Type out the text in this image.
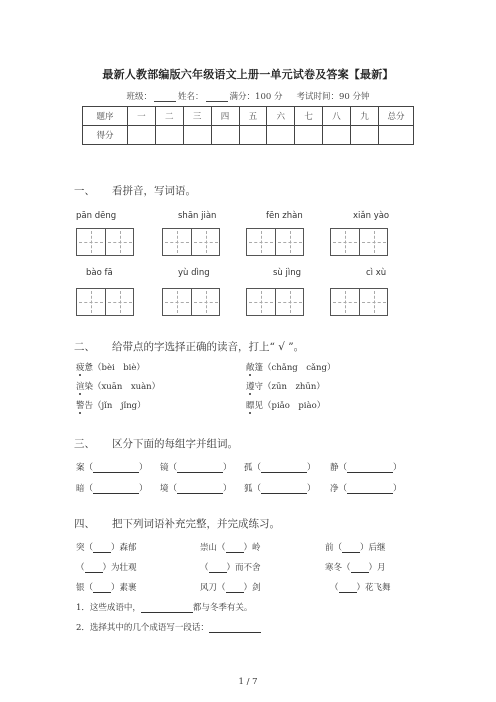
最新人教部编版六年级语文上册一单元试卷及答案【最新】
班级：	姓名：	满分：100 分 考试时间：90 分钟
题序	一	二	三	四	五	六	七	八	九	总分
得分										
一、 看拼音，写词语。
pān dēng	shān jiàn	fēn zhàn	xiǎn yào
bào fā	yù dìng	sù jìng	cì xù
二、 给带点的字选择正确的读音，打上“ √ ”。
疲惫（bèi　biè）	敞篷（chǎng　cǎng）
渲染（xuān　xuàn）	遵守（zūn　zhūn）
警告（jǐn　jǐng）	瞟见（piǎo　piào）
三、 区分下面的每组字并组词。
案（	） 镜（	） 孤（	） 静（	）
暗（	） 境（	） 狐（	） 净（	）
四、 把下列词语补充完整，并完成练习。
突（ ）森郁	崇山（ ）岭	前（ ）后继
（ ）为壮观	（ ）而不舍	寒冬（ ）月
银（ ）素裹	风刀（ ）剑	（ ）花飞舞
1．这些成语中，	都与冬季有关。
2．选择其中的几个成语写一段话：
1 / 7
